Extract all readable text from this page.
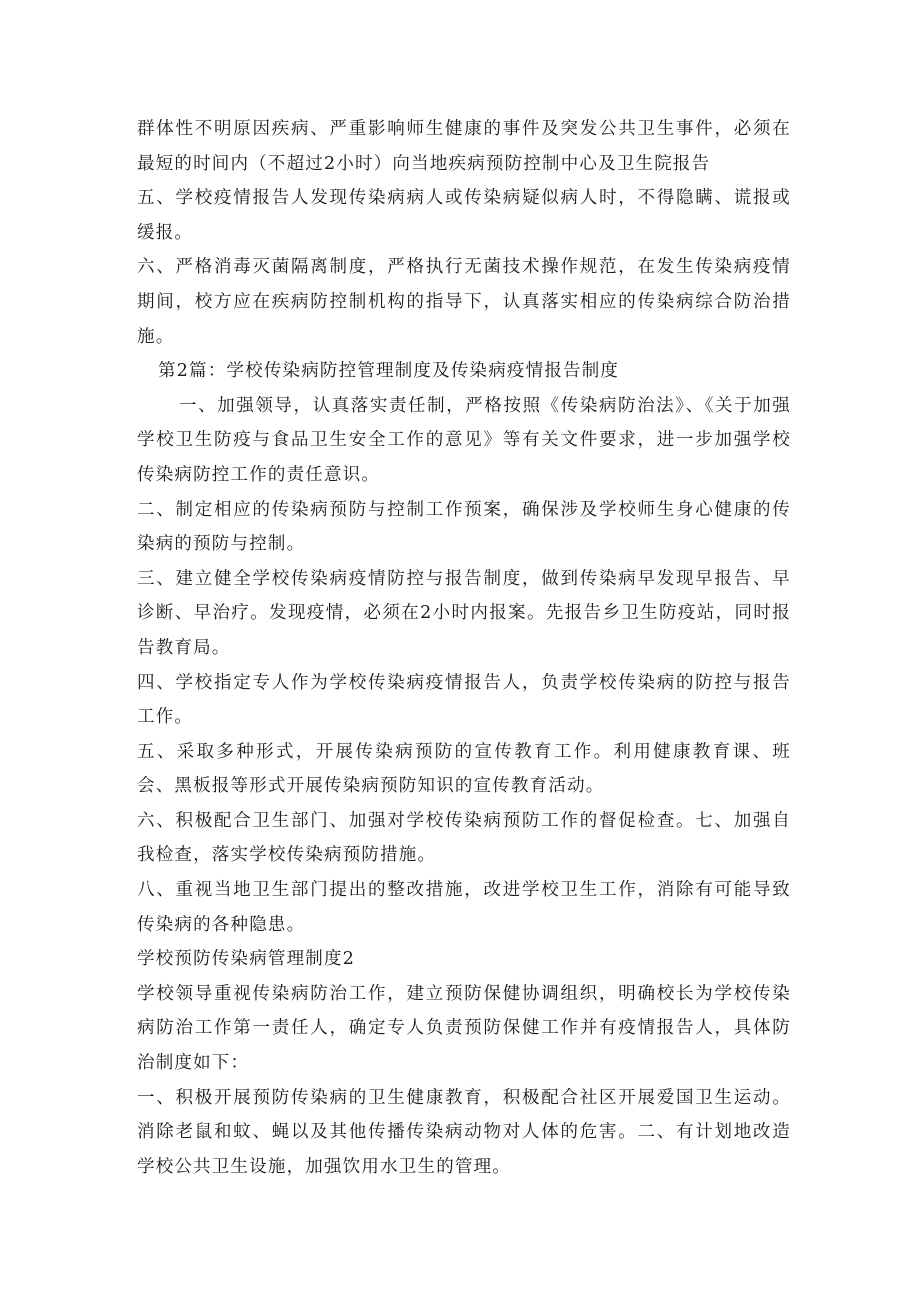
群体性不明原因疾病、严重影响师生健康的事件及突发公共卫生事件，必须在最短的时间内（不超过2小时）向当地疾病预防控制中心及卫生院报告

五、学校疫情报告人发现传染病病人或传染病疑似病人时，不得隐瞒、谎报或缓报。

六、严格消毒灭菌隔离制度，严格执行无菌技术操作规范，在发生传染病疫情期间，校方应在疾病防控制机构的指导下，认真落实相应的传染病综合防治措施。

第2篇：学校传染病防控管理制度及传染病疫情报告制度

一、加强领导，认真落实责任制，严格按照《传染病防治法》、《关于加强学校卫生防疫与食品卫生安全工作的意见》等有关文件要求，进一步加强学校传染病防控工作的责任意识。

二、制定相应的传染病预防与控制工作预案，确保涉及学校师生身心健康的传染病的预防与控制。

三、建立健全学校传染病疫情防控与报告制度，做到传染病早发现早报告、早诊断、早治疗。发现疫情，必须在2小时内报案。先报告乡卫生防疫站，同时报告教育局。

四、学校指定专人作为学校传染病疫情报告人，负责学校传染病的防控与报告工作。

五、采取多种形式，开展传染病预防的宣传教育工作。利用健康教育课、班会、黑板报等形式开展传染病预防知识的宣传教育活动。

六、积极配合卫生部门、加强对学校传染病预防工作的督促检查。七、加强自我检查，落实学校传染病预防措施。

八、重视当地卫生部门提出的整改措施，改进学校卫生工作，消除有可能导致传染病的各种隐患。

学校预防传染病管理制度2

学校领导重视传染病防治工作，建立预防保健协调组织，明确校长为学校传染病防治工作第一责任人，确定专人负责预防保健工作并有疫情报告人，具体防治制度如下：

一、积极开展预防传染病的卫生健康教育，积极配合社区开展爱国卫生运动。消除老鼠和蚊、蝇以及其他传播传染病动物对人体的危害。二、有计划地改造学校公共卫生设施，加强饮用水卫生的管理。
